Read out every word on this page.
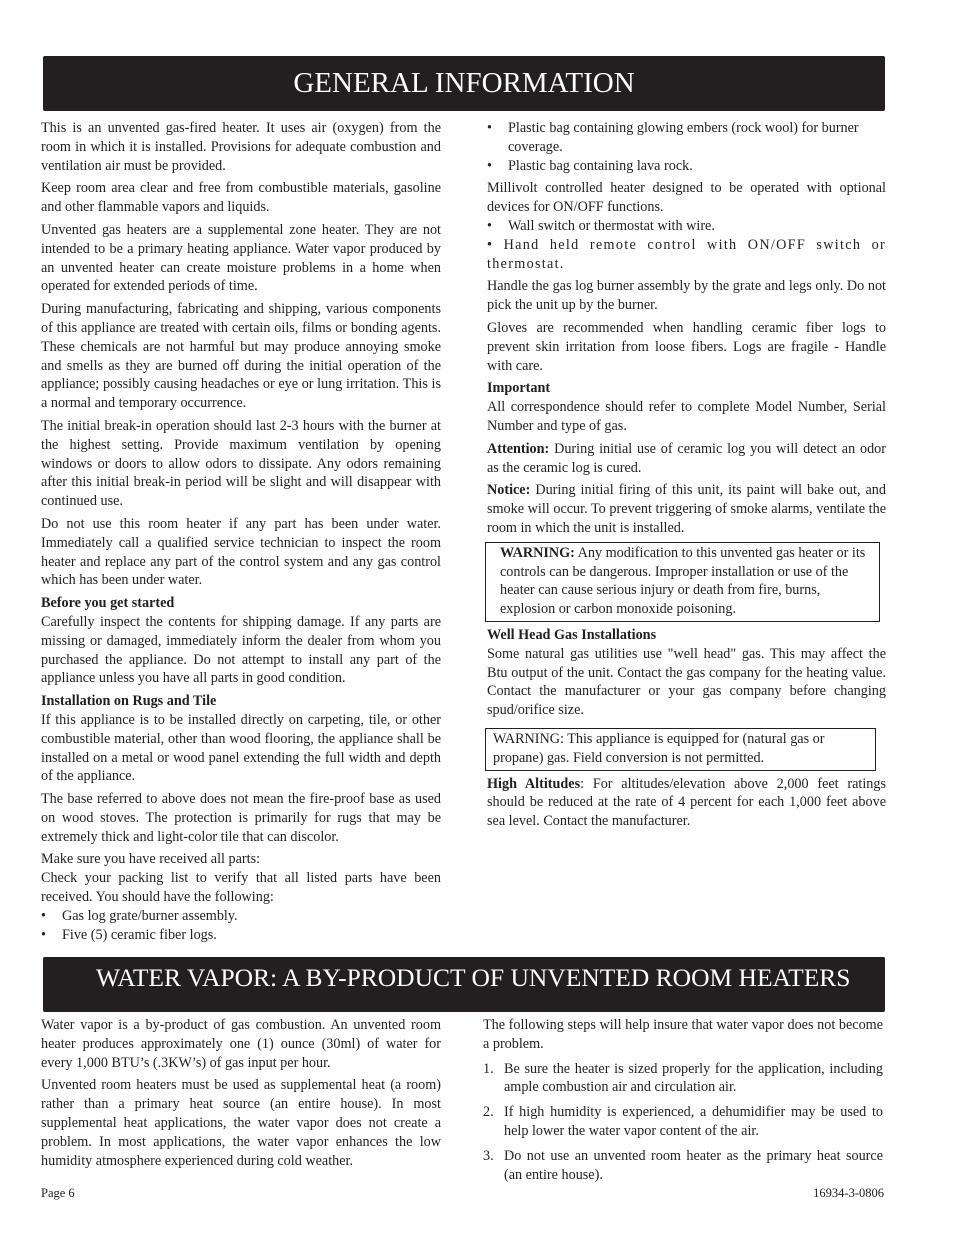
GENERAL INFORMATION

This is an unvented gas-fired heater. It uses air (oxygen) from the room in which it is installed. Provisions for adequate combustion and ventilation air must be provided.

Keep room area clear and free from combustible materials, gasoline and other flammable vapors and liquids.

Unvented gas heaters are a supplemental zone heater. They are not intended to be a primary heating appliance. Water vapor produced by an unvented heater can create moisture problems in a home when operated for extended periods of time.

During manufacturing, fabricating and shipping, various components of this appliance are treated with certain oils, films or bonding agents. These chemicals are not harmful but may produce annoying smoke and smells as they are burned off during the initial operation of the appliance; possibly causing headaches or eye or lung irritation. This is a normal and temporary occurrence.

The initial break-in operation should last 2-3 hours with the burner at the highest setting. Provide maximum ventilation by opening windows or doors to allow odors to dissipate. Any odors remaining after this initial break-in period will be slight and will disappear with continued use.

Do not use this room heater if any part has been under water. Immediately call a qualified service technician to inspect the room heater and replace any part of the control system and any gas control which has been under water.

Before you get started

Carefully inspect the contents for shipping damage. If any parts are missing or damaged, immediately inform the dealer from whom you purchased the appliance. Do not attempt to install any part of the appliance unless you have all parts in good condition.

Installation on Rugs and Tile

If this appliance is to be installed directly on carpeting, tile, or other combustible material, other than wood flooring, the appliance shall be installed on a metal or wood panel extending the full width and depth of the appliance.

The base referred to above does not mean the fire-proof base as used on wood stoves. The protection is primarily for rugs that may be extremely thick and light-color tile that can discolor.

Make sure you have received all parts:

Check your packing list to verify that all listed parts have been received. You should have the following:

• Gas log grate/burner assembly.
• Five (5) ceramic fiber logs.
• Plastic bag containing glowing embers (rock wool) for burner coverage.
• Plastic bag containing lava rock.

Millivolt controlled heater designed to be operated with optional devices for ON/OFF functions.

• Wall switch or thermostat with wire.
• • Hand held remote control with ON/OFF switch or thermostat.

Handle the gas log burner assembly by the grate and legs only. Do not pick the unit up by the burner.

Gloves are recommended when handling ceramic fiber logs to prevent skin irritation from loose fibers. Logs are fragile - Handle with care.

Important

All correspondence should refer to complete Model Number, Serial Number and type of gas.

Attention: During initial use of ceramic log you will detect an odor as the ceramic log is cured.

Notice: During initial firing of this unit, its paint will bake out, and smoke will occur. To prevent triggering of smoke alarms, ventilate the room in which the unit is installed.

WARNING: Any modification to this unvented gas heater or its controls can be dangerous. Improper installation or use of the heater can cause serious injury or death from fire, burns, explosion or carbon monoxide poisoning.
Well Head Gas Installations

Some natural gas utilities use "well head" gas. This may affect the Btu output of the unit. Contact the gas company for the heating value. Contact the manufacturer or your gas company before changing spud/orifice size.

WARNING: This appliance is equipped for (natural gas or propane) gas. Field conversion is not permitted.

High Altitudes: For altitudes/elevation above 2,000 feet ratings should be reduced at the rate of 4 percent for each 1,000 feet above sea level. Contact the manufacturer.

WATER VAPOR: A BY-PRODUCT OF UNVENTED ROOM HEATERS

Water vapor is a by-product of gas combustion. An unvented room heater produces approximately one (1) ounce (30ml) of water for every 1,000 BTU’s (.3KW’s) of gas input per hour.

Unvented room heaters must be used as supplemental heat (a room) rather than a primary heat source (an entire house). In most supplemental heat applications, the water vapor does not create a problem. In most applications, the water vapor enhances the low humidity atmosphere experienced during cold weather.

The following steps will help insure that water vapor does not become a problem.

1. Be sure the heater is sized properly for the application, including ample combustion air and circulation air.
2. If high humidity is experienced, a dehumidifier may be used to help lower the water vapor content of the air.
3. Do not use an unvented room heater as the primary heat source (an entire house).
Page 6	16934-3-0806
